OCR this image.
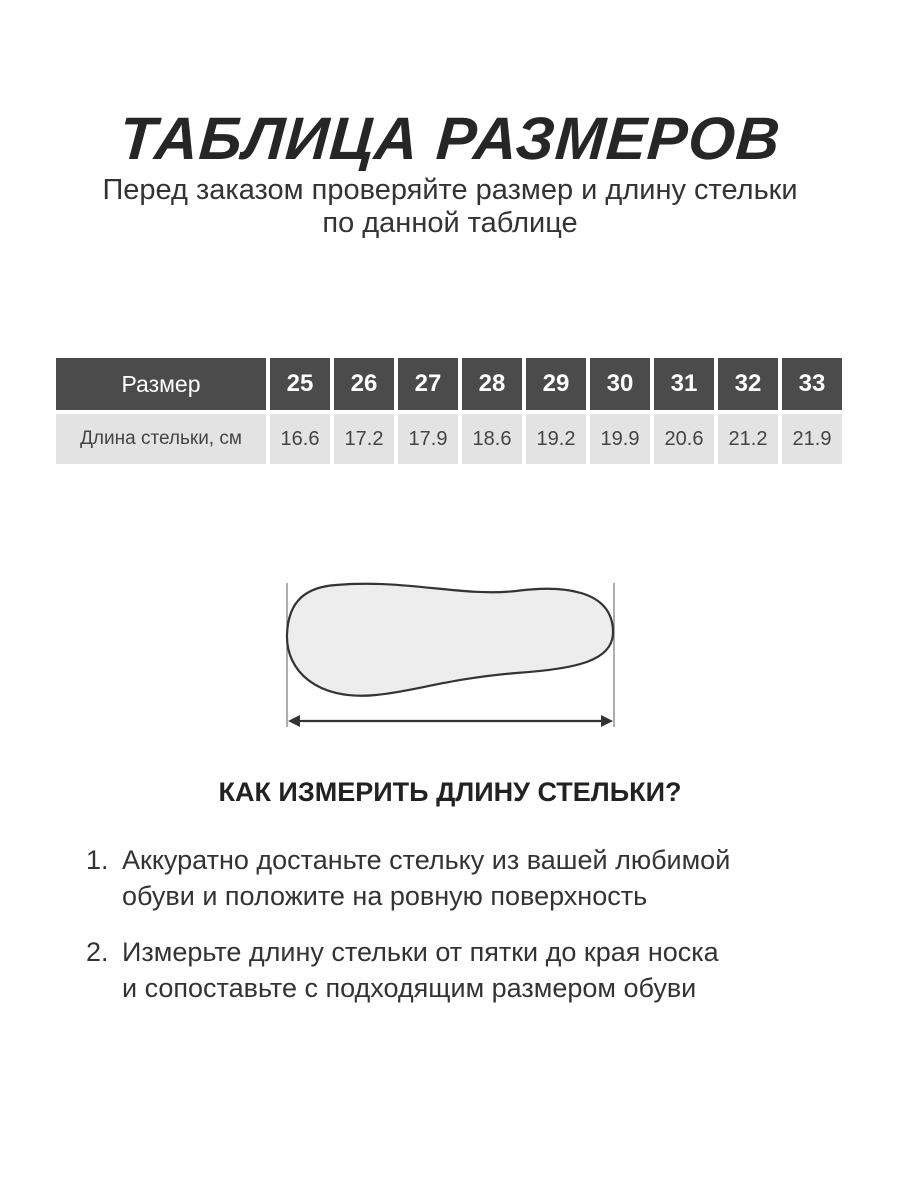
ТАБЛИЦА РАЗМЕРОВ
Перед заказом проверяйте размер и длину стельки
по данной таблице
Размер	25	26	27	28	29	30	31	32	33
Длина стельки, см	16.6	17.2	17.9	18.6	19.2	19.9	20.6	21.2	21.9
КАК ИЗМЕРИТЬ ДЛИНУ СТЕЛЬКИ?
1. Аккуратно достаньте стельку из вашей любимой
обуви и положите на ровную поверхность
2. Измерьте длину стельки от пятки до края носка
и сопоставьте с подходящим размером обуви
